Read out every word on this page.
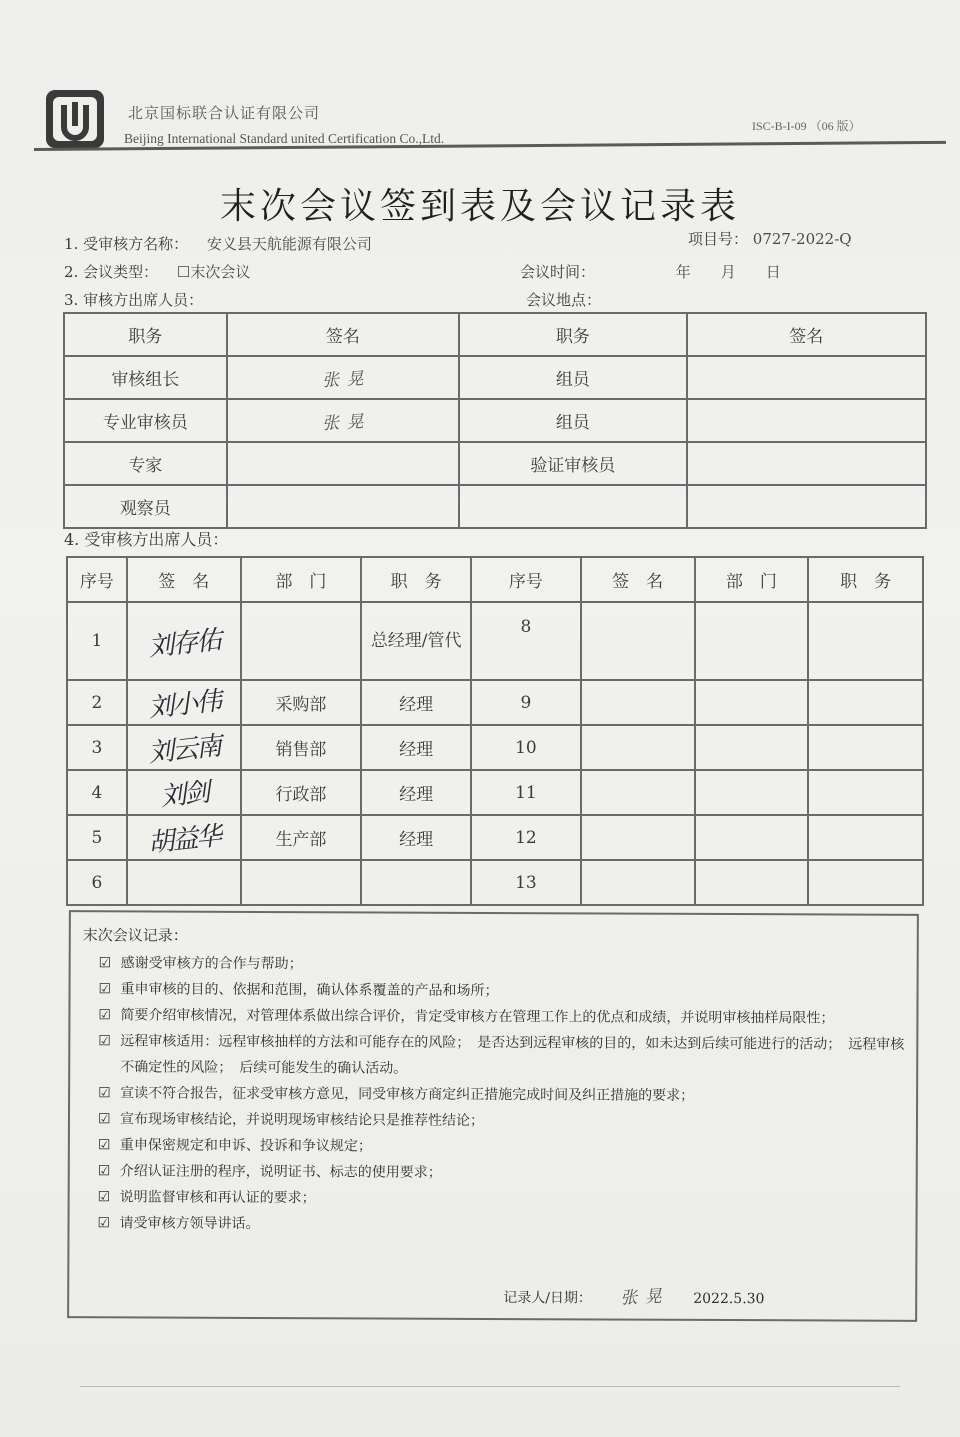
北京国标联合认证有限公司
Beijing International Standard united Certification Co.,Ltd.
ISC-B-I-09 （06 版）
末次会议签到表及会议记录表
1. 受审核方名称： 安义县天航能源有限公司	项目号： 0727-2022-Q
2. 会议类型： ☐末次会议	会议时间：	年　　月　　日
3. 审核方出席人员：	会议地点：
职务	签名	职务	签名
审核组长	张 晃	组员	
专业审核员	张 晃	组员	
专家		验证审核员	
观察员			
4. 受审核方出席人员：
序号	签　名	部　门	职　务	序号	签　名	部　门	职　务
1	刘存佑		总经理/管代	8			
2	刘小伟	采购部	经理	9			
3	刘云南	销售部	经理	10			
4	刘剑	行政部	经理	11			
5	胡益华	生产部	经理	12			
6				13			
末次会议记录：
☑ 感谢受审核方的合作与帮助；
☑ 重申审核的目的、依据和范围，确认体系覆盖的产品和场所；
☑ 简要介绍审核情况，对管理体系做出综合评价，肯定受审核方在管理工作上的优点和成绩，并说明审核抽样局限性；
☑ 远程审核适用：远程审核抽样的方法和可能存在的风险；　是否达到远程审核的目的，如未达到后续可能进行的活动；　远程审核不确定性的风险；　后续可能发生的确认活动。
☑ 宣读不符合报告，征求受审核方意见，同受审核方商定纠正措施完成时间及纠正措施的要求；
☑ 宣布现场审核结论，并说明现场审核结论只是推荐性结论；
☑ 重申保密规定和申诉、投诉和争议规定；
☑ 介绍认证注册的程序，说明证书、标志的使用要求；
☑ 说明监督审核和再认证的要求；
☑ 请受审核方领导讲话。
记录人/日期： 张 晃 2022.5.30
